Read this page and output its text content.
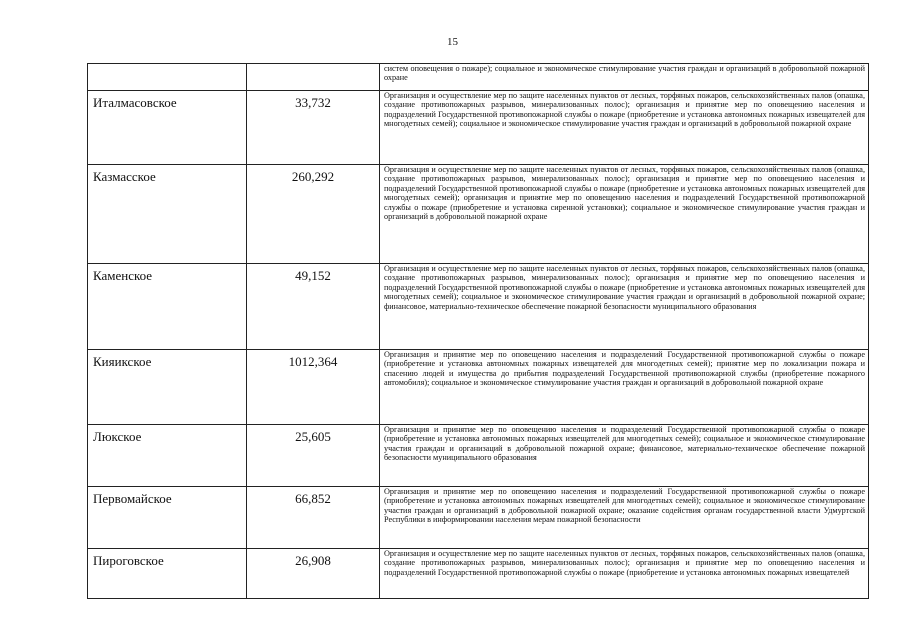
15

		систем оповещения о пожаре); социальное и экономическое стимулирование участия граждан и организаций в добровольной пожарной охране

Италмасовское	33,732	Организация и осуществление мер по защите населенных пунктов от лесных, торфяных пожаров, сельскохозяйственных палов (опашка, создание противопожарных разрывов, минерализованных полос); организация и принятие мер по оповещению населения и подразделений Государственной противопожарной службы о пожаре (приобретение и установка автономных пожарных извещателей для многодетных семей); социальное и экономическое стимулирование участия граждан и организаций в добровольной пожарной охране

Казмасское	260,292	Организация и осуществление мер по защите населенных пунктов от лесных, торфяных пожаров, сельскохозяйственных палов (опашка, создание противопожарных разрывов, минерализованных полос); организация и принятие мер по оповещению населения и подразделений Государственной противопожарной службы о пожаре (приобретение и установка автономных пожарных извещателей для многодетных семей); организация и принятие мер по оповещению населения и подразделений Государственной противопожарной службы о пожаре (приобретение и установка сиренной установки); социальное и экономическое стимулирование участия граждан и организаций в добровольной пожарной охране

Каменское	49,152	Организация и осуществление мер по защите населенных пунктов от лесных, торфяных пожаров, сельскохозяйственных палов (опашка, создание противопожарных разрывов, минерализованных полос); организация и принятие мер по оповещению населения и подразделений Государственной противопожарной службы о пожаре (приобретение и установка автономных пожарных извещателей для многодетных семей); социальное и экономическое стимулирование участия граждан и организаций в добровольной пожарной охране; финансовое, материально-техническое обеспечение пожарной безопасности муниципального образования

Кияикское	1012,364	Организация и принятие мер по оповещению населения и подразделений Государственной противопожарной службы о пожаре (приобретение и установка автономных пожарных извещателей для многодетных семей); принятие мер по локализации пожара и спасению людей и имущества до прибытия подразделений Государственной противопожарной службы (приобретение пожарного автомобиля); социальное и экономическое стимулирование участия граждан и организаций в добровольной пожарной охране

Люкское	25,605	Организация и принятие мер по оповещению населения и подразделений Государственной противопожарной службы о пожаре (приобретение и установка автономных пожарных извещателей для многодетных семей); социальное и экономическое стимулирование участия граждан и организаций в добровольной пожарной охране; финансовое, материально-техническое обеспечение пожарной безопасности муниципального образования

Первомайское	66,852	Организация и принятие мер по оповещению населения и подразделений Государственной противопожарной службы о пожаре (приобретение и установка автономных пожарных извещателей для многодетных семей); социальное и экономическое стимулирование участия граждан и организаций в добровольной пожарной охране; оказание содействия органам государственной власти Удмуртской Республики в информировании населения мерам пожарной безопасности

Пироговское	26,908	Организация и осуществление мер по защите населенных пунктов от лесных, торфяных пожаров, сельскохозяйственных палов (опашка, создание противопожарных разрывов, минерализованных полос); организация и принятие мер по оповещению населения и подразделений Государственной противопожарной службы о пожаре (приобретение и установка автономных пожарных извещателей
